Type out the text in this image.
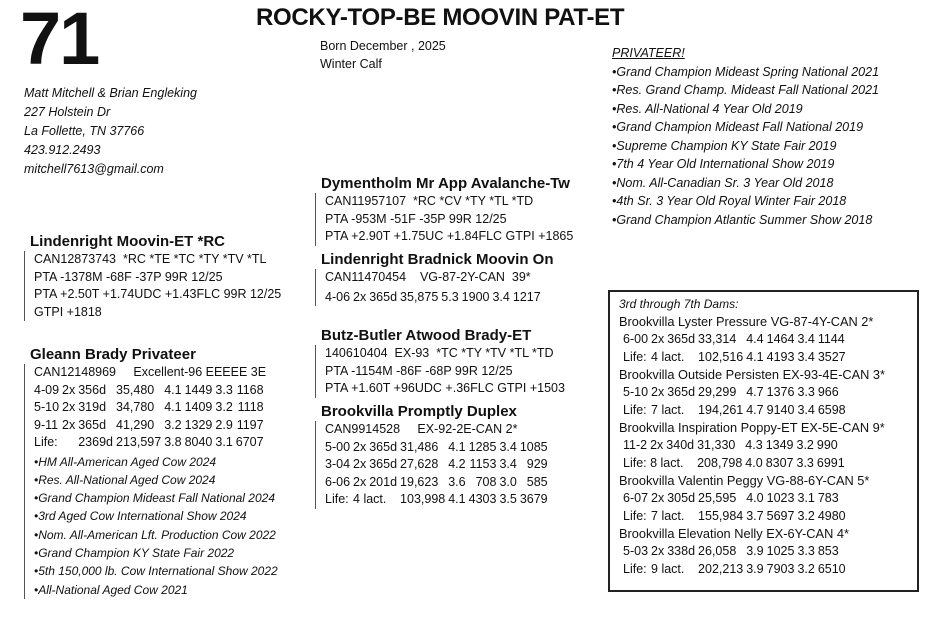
71	ROCKY-TOP-BE MOOVIN PAT-ET
Born December , 2025
Winter Calf
Matt Mitchell & Brian Engleking
227 Holstein Dr
La Follette, TN 37766
423.912.2493
mitchell7613@gmail.com
PRIVATEER!
•Grand Champion Mideast Spring National 2021
•Res. Grand Champ. Mideast Fall National 2021
•Res. All-National 4 Year Old 2019
•Grand Champion Mideast Fall National 2019
•Supreme Champion KY State Fair 2019
•7th 4 Year Old International Show 2019
•Nom. All-Canadian Sr. 3 Year Old 2018
•4th Sr. 3 Year Old Royal Winter Fair 2018
•Grand Champion Atlantic Summer Show 2018
Dymentholm Mr App Avalanche-Tw
CAN11957107  *RC *CV *TY *TL *TD
PTA -953M -51F -35P 99R 12/25
PTA +2.90T +1.75UC +1.84FLC GTPI +1865
Lindenright Bradnick Moovin On
CAN11470454    VG-87-2Y-CAN  39*
4-06	2x	365d	35,875	5.3	1900	3.4	1217
Lindenright Moovin-ET *RC
CAN12873743  *RC *TE *TC *TY *TV *TL
PTA -1378M -68F -37P 99R 12/25
PTA +2.50T +1.74UDC +1.43FLC 99R 12/25
GTPI +1818
Gleann Brady Privateer
CAN12148969     Excellent-96 EEEEE 3E
4-09	2x	356d	35,480	4.1	1449	3.3	1168
5-10	2x	319d	34,780	4.1	1409	3.2	1118
9-11	2x	365d	41,290	3.2	1329	2.9	1197
Life:		2369d	213,597	3.8	8040	3.1	6707
•HM All-American Aged Cow 2024
•Res. All-National Aged Cow 2024
•Grand Champion Mideast Fall National 2024
•3rd Aged Cow International Show 2024
•Nom. All-American Lft. Production Cow 2022
•Grand Champion KY State Fair 2022
•5th 150,000 lb. Cow International Show 2022
•All-National Aged Cow 2021
Butz-Butler Atwood Brady-ET
140610404  EX-93  *TC *TY *TV *TL *TD
PTA -1154M -86F -68P 99R 12/25
PTA +1.60T +96UDC +.36FLC GTPI +1503
Brookvilla Promptly Duplex
CAN9914528     EX-92-2E-CAN 2*
5-00	2x	365d	31,486	4.1	1285	3.4	1085
3-04	2x	365d	27,628	4.2	1153	3.4	929
6-06	2x	201d	19,623	3.6	708	3.0	585
Life:	4 lact.		103,998	4.1	4303	3.5	3679
3rd through 7th Dams:
Brookvilla Lyster Pressure VG-87-4Y-CAN 2*
6-00	2x	365d	33,314	4.4	1464	3.4	1144
Life:	4 lact.		102,516	4.1	4193	3.4	3527
Brookvilla Outside Persisten EX-93-4E-CAN 3*
5-10	2x	365d	29,299	4.7	1376	3.3	966
Life:	7 lact.		194,261	4.7	9140	3.4	6598
Brookvilla Inspiration Poppy-ET EX-5E-CAN 9*
11-2	2x	340d	31,330	4.3	1349	3.2	990
Life:	8 lact.		208,798	4.0	8307	3.3	6991
Brookvilla Valentin Peggy VG-88-6Y-CAN 5*
6-07	2x	305d	25,595	4.0	1023	3.1	783
Life:	7 lact.		155,984	3.7	5697	3.2	4980
Brookvilla Elevation Nelly EX-6Y-CAN 4*
5-03	2x	338d	26,058	3.9	1025	3.3	853
Life:	9 lact.		202,213	3.9	7903	3.2	6510
